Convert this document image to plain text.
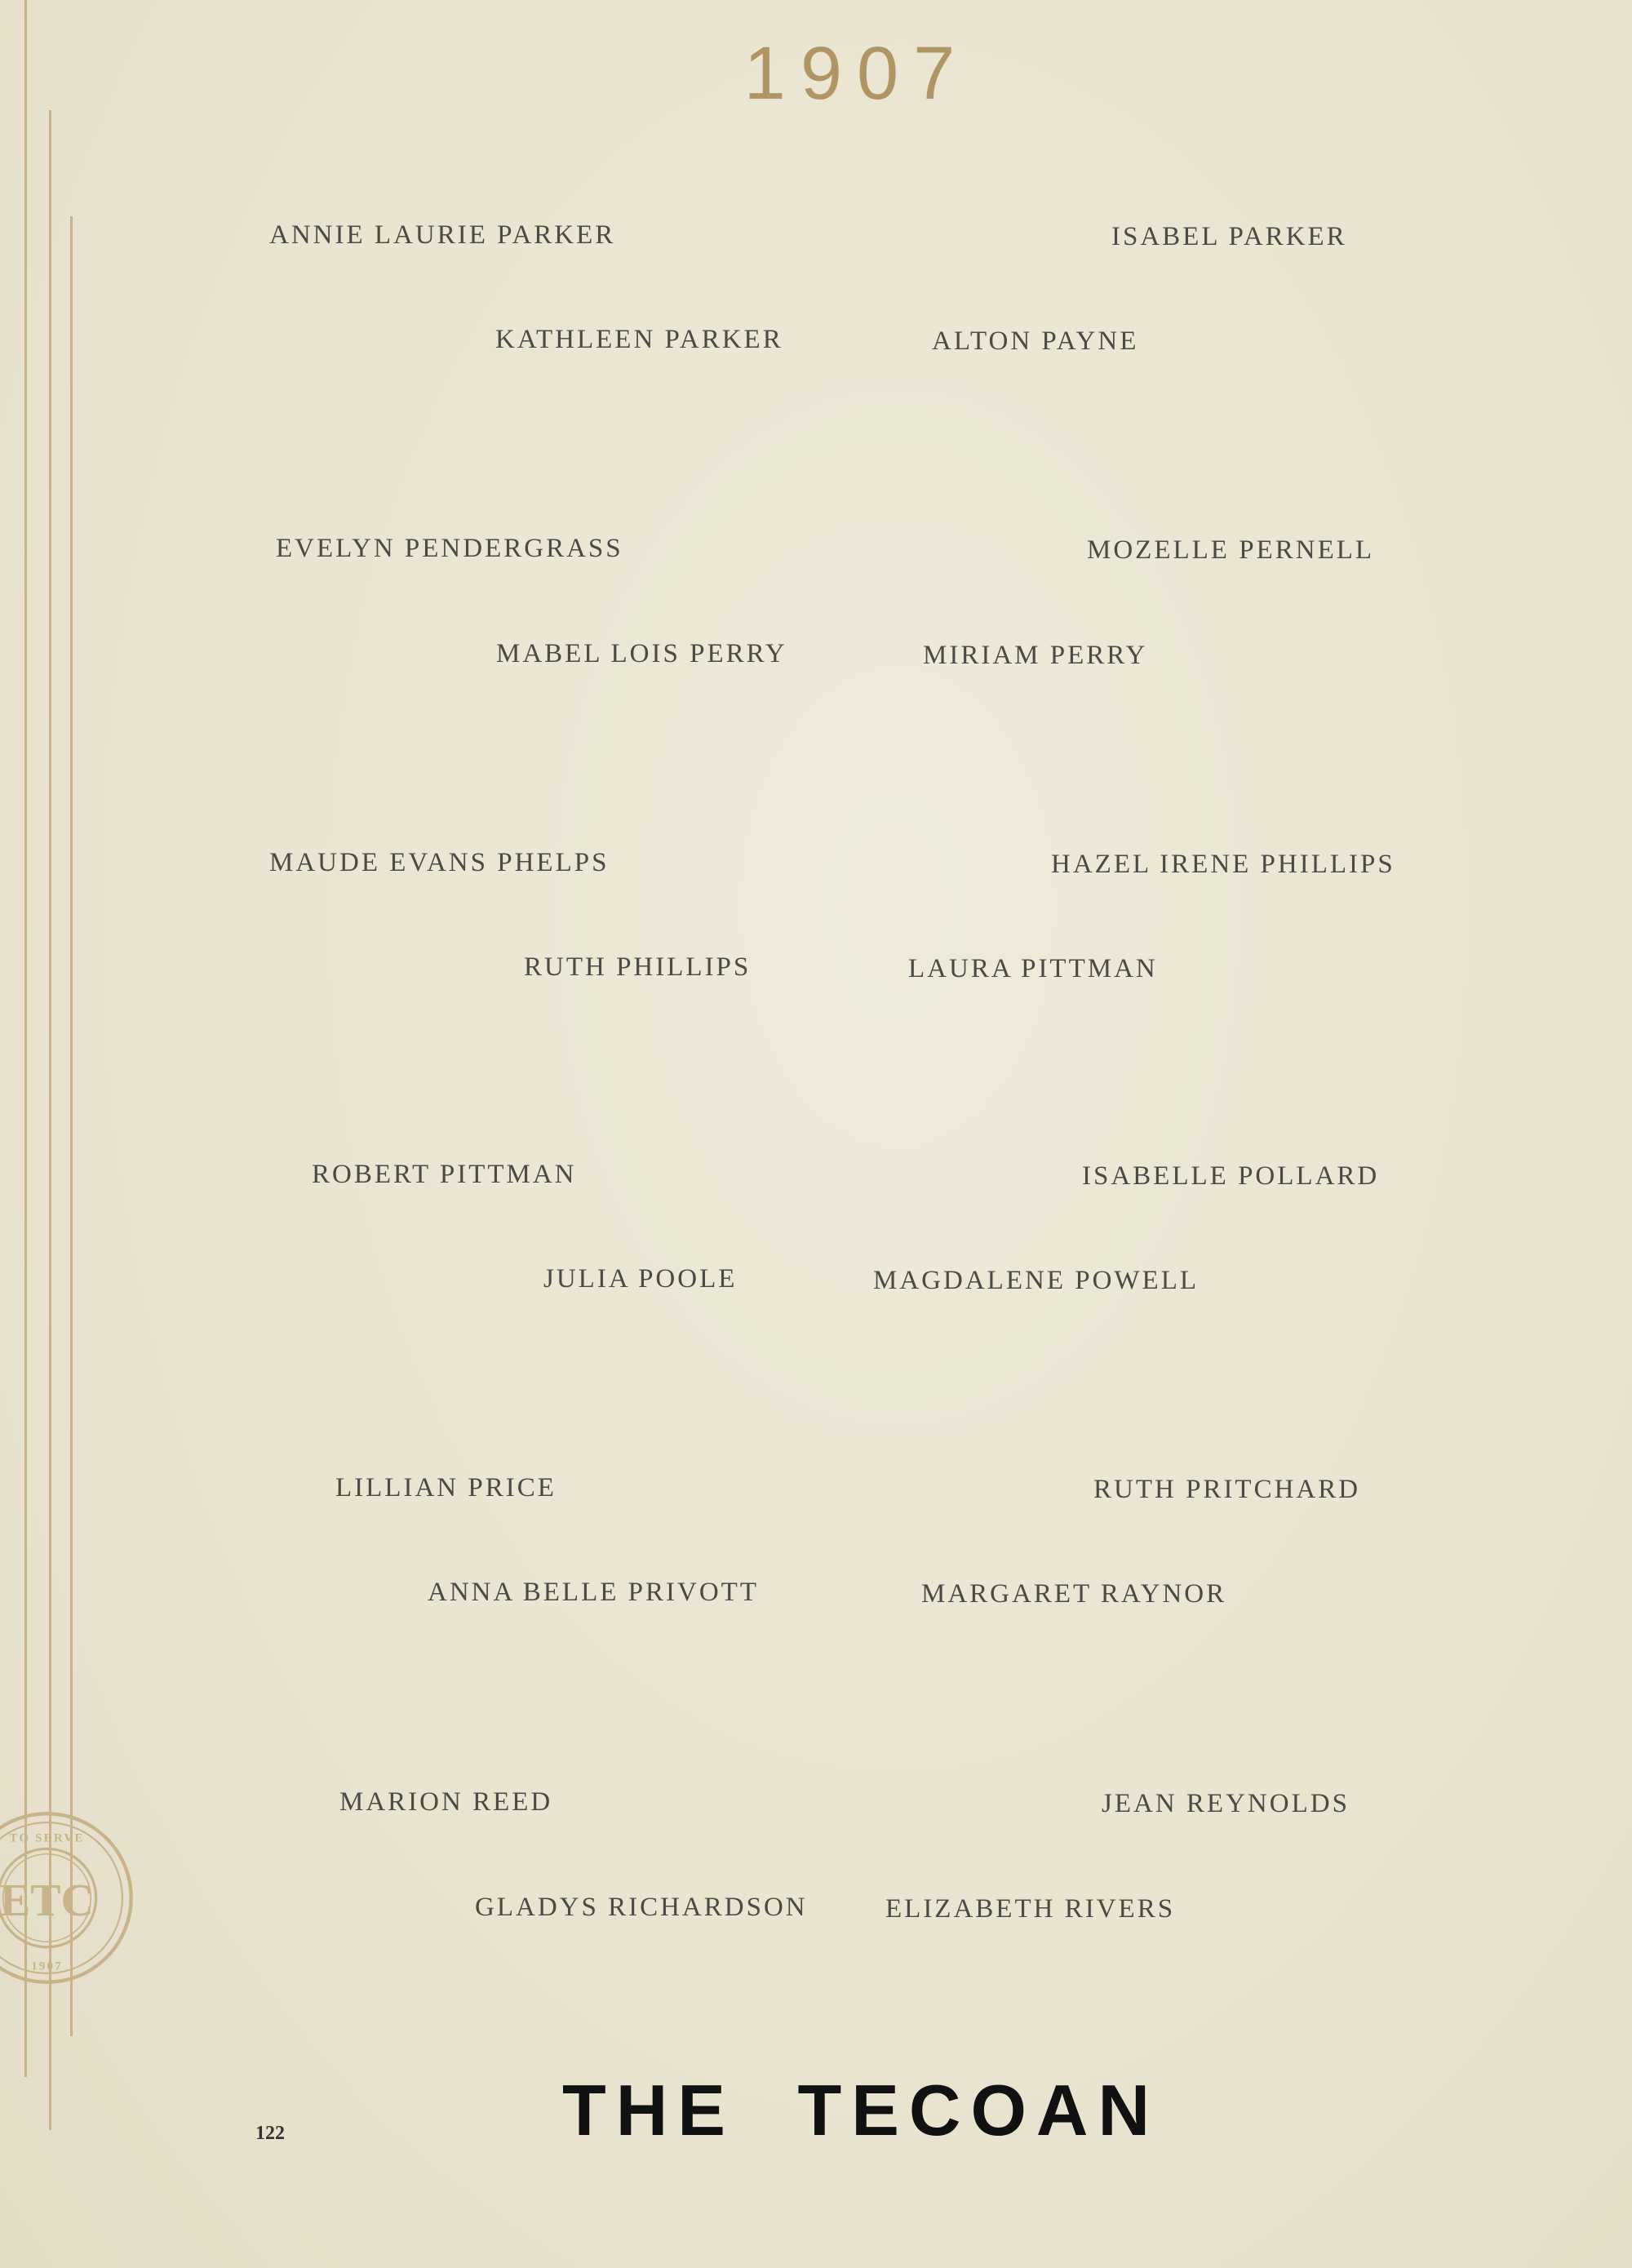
1907
ANNIE LAURIE PARKER	ISABEL PARKER
KATHLEEN PARKER	ALTON PAYNE
EVELYN PENDERGRASS	MOZELLE PERNELL
MABEL LOIS PERRY	MIRIAM PERRY
MAUDE EVANS PHELPS	HAZEL IRENE PHILLIPS
RUTH PHILLIPS	LAURA PITTMAN
ROBERT PITTMAN	ISABELLE POLLARD
JULIA POOLE	MAGDALENE POWELL
LILLIAN PRICE	RUTH PRITCHARD
ANNA BELLE PRIVOTT	MARGARET RAYNOR
MARION REED	JEAN REYNOLDS
GLADYS RICHARDSON	ELIZABETH RIVERS
ETC
TO SERVE
1907
122	THE TECOAN
